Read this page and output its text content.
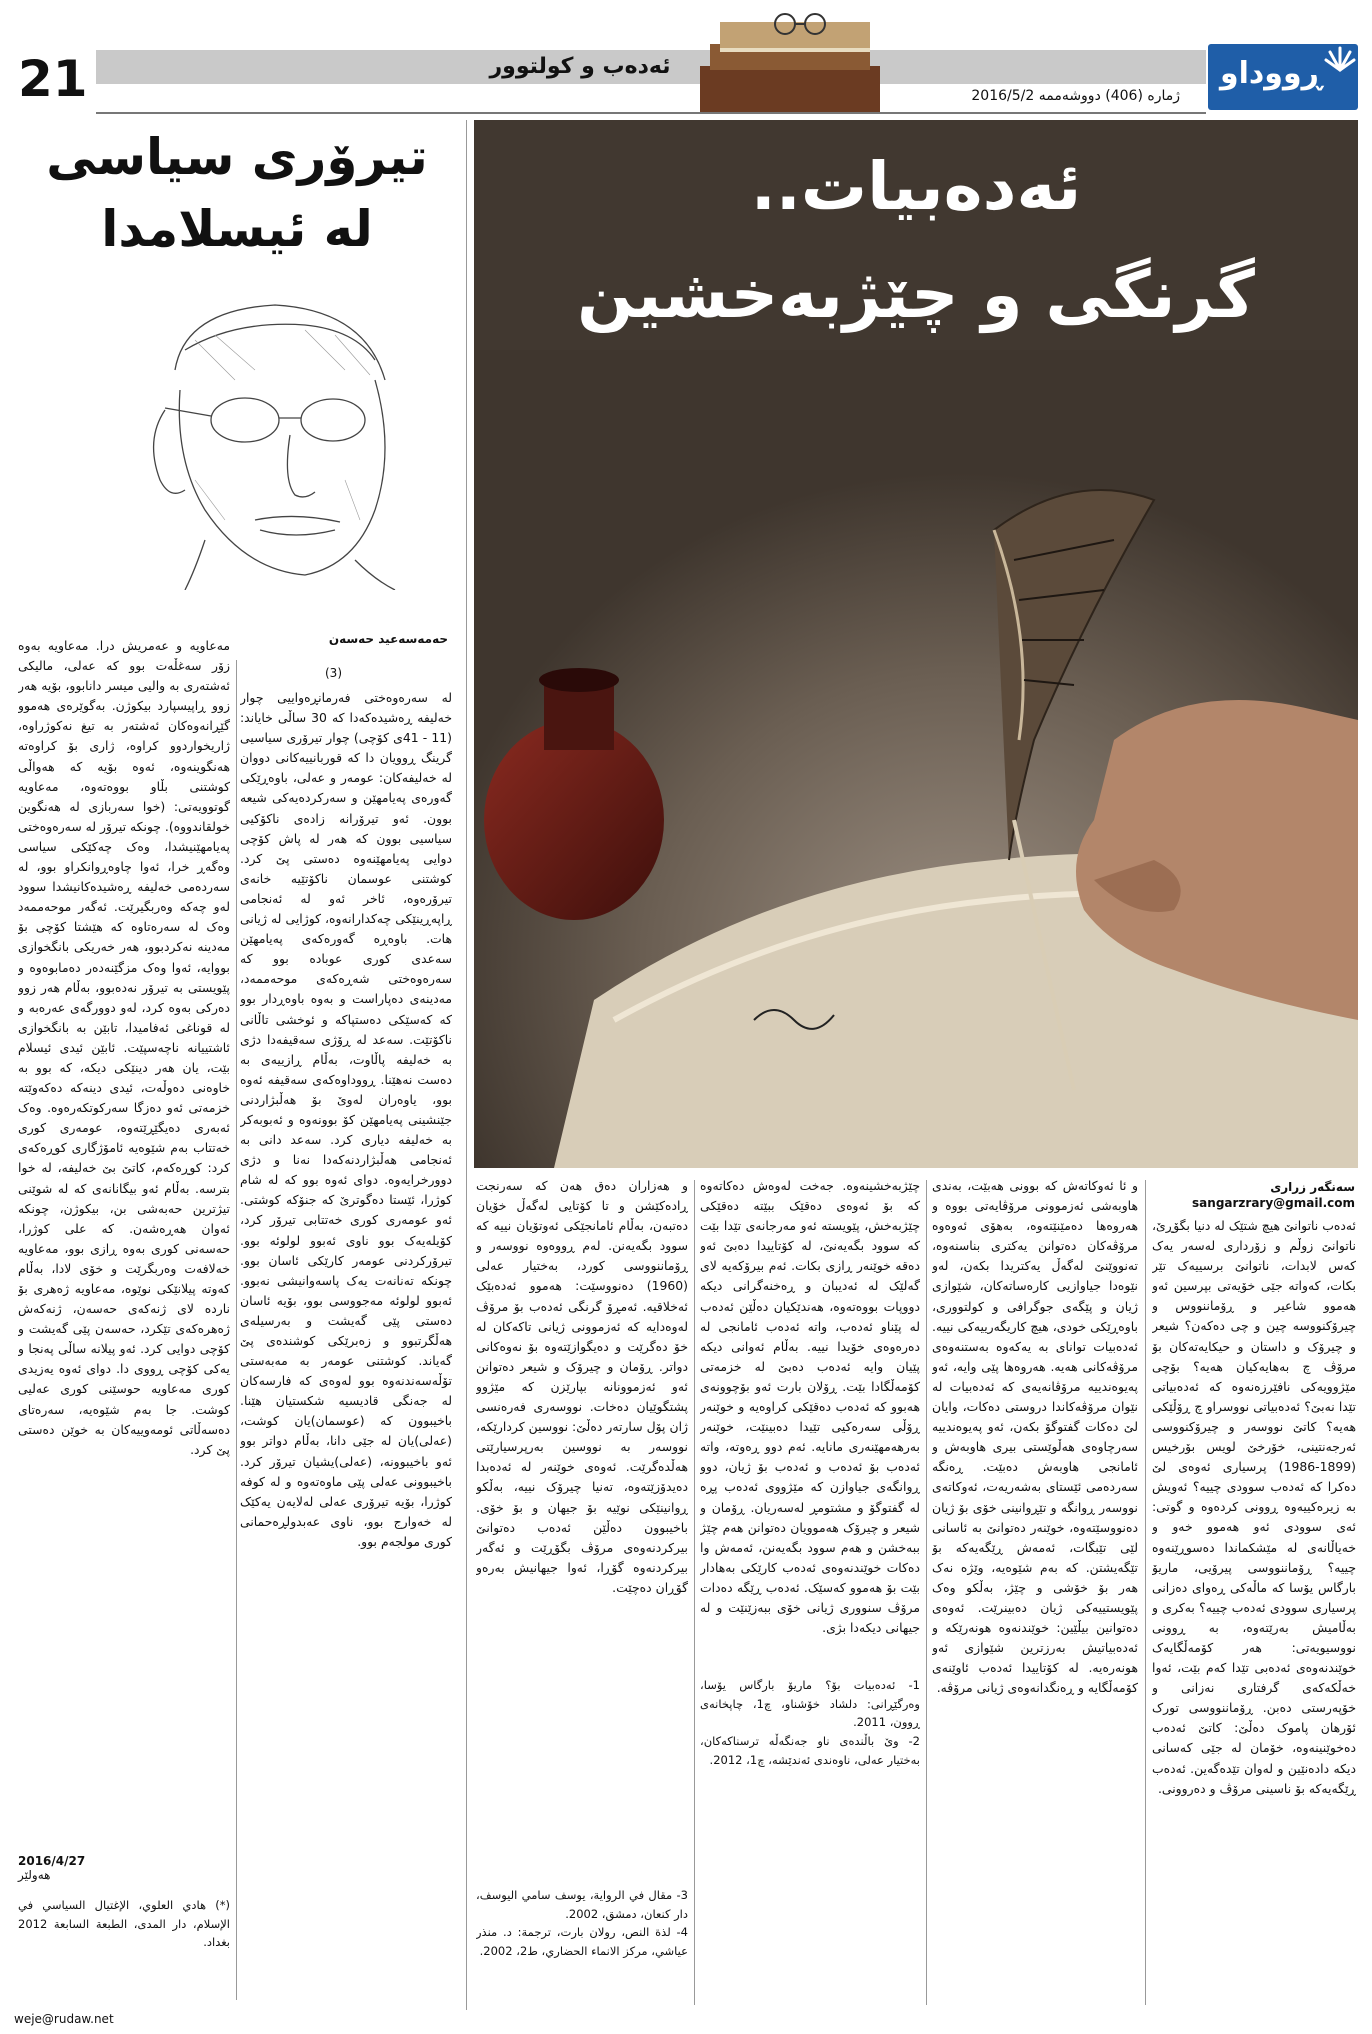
21	ئەدەب و کولتوور
ژمارە (406) دووشەممە 2016/5/2
ڕووداو
تیرۆری سیاسی
لە ئیسلامدا
حەمەسەعید حەسەن
(3)
لە سەرەوەختی فەرمانڕەواییی چوار خەلیفە ڕەشیدەکەدا کە 30 ساڵی خایاند: (11 - 41ی کۆچی) چوار تیرۆری سیاسیی گرینگ ڕوویان دا کە قوربانییەکانی دووان لە خەلیفەکان: عومەر و عەلی، باوەڕێکی گەورەی پەیامهێن و سەرکردەیەکی شیعە بوون. ئەو تیرۆرانە زادەی ناکۆکیی سیاسیی بوون کە هەر لە پاش کۆچی دوایی پەیامهێنەوە دەستی پێ کرد. کوشتنی عوسمان ناکۆتێیە خانەی تیرۆرەوە، ئاخر ئەو لە ئەنجامی ڕاپەڕینێکی چەکدارانەوە، کوژایی لە ژیانی هات. باوەڕە گەورەکەی پەیامهێن سەعدی کوری عوبادە بوو کە سەرەوەختی شەڕەکەی موحەممەد، مەدینەی دەپاراست و بەوە باوەڕدار بوو کە کەسێکی دەستپاکە و ئوخشی تاڵانی ناکۆتێت. سەعد لە ڕۆژی سەقیفەدا دژی بە خەلیفە پاڵاوت، بەڵام ڕازییەی بە دەست نەهێنا. ڕووداوەکەی سەقیفە ئەوە بوو، یاوەران لەوێ بۆ هەڵبژاردنی جێنشینی پەیامهێن کۆ بوونەوە و ئەبوبەکر بە خەلیفە دیاری کرد. سەعد دانی بە ئەنجامی هەڵبژاردنەکەدا نەنا و دژی دوورخرایەوە. دوای ئەوە بوو کە لە شام کوژرا، ئێستا دەگوترێ کە جنۆکە کوشتی. ئەو عومەری کوری خەتتابی تیرۆر کرد، کۆیلەیەک بوو ناوی ئەبوو لولوئە بوو. تیرۆرکردنی عومەر کارێکی ئاسان بوو. چونکە تەنانەت یەک پاسەوانیشی نەبوو. ئەبوو لولوئە مەجووسی بوو، بۆیە ئاسان دەستی پێی گەیشت و بەرسیلەی هەڵگرتبوو و زەبرێکی کوشندەی پێ گەیاند. کوشتنی عومەر بە مەبەستی تۆڵەسەندنەوە بوو لەوەی کە فارسەکان لە جەنگی قادیسیە شکستیان هێنا. باخیبوون کە (عوسمان)یان کوشت، (عەلی)یان لە جێی دانا، بەڵام دواتر بوو ئەو باخیبوونە، (عەلی)یشیان تیرۆر کرد. باخیبوونی عەلی پێی ماوەتەوە و لە کوفە کوژرا، بۆیە تیرۆری عەلی لەلایەن یەکێک لە خەوارج بوو، ناوی عەبدولڕەحمانی کوری مولجەم بوو.
مەعاویە و عەمریش درا. مەعاویە بەوە زۆر سەغڵەت بوو کە عەلی، مالیکی ئەشتەری بە والیی میسر دانابوو، بۆیە هەر زوو ڕاپیسپارد بیکوژن. بەگوێرەی هەموو گێڕانەوەکان ئەشتەر بە تیغ نەکوژراوە، ژاریخواردوو کراوە، ژاری بۆ کراوەتە هەنگوینەوە، ئەوە بۆیە کە هەواڵی کوشتنی بڵاو بووەتەوە، مەعاویە گوتوویەتی: (خوا سەربازی لە هەنگوین خولقاندووە). چونکە تیرۆر لە سەرەوەختی پەیامهێنیشدا، وەک چەکێکی سیاسی وەگەڕ خرا، ئەوا چاوەڕوانکراو بوو، لە سەردەمی خەلیفە ڕەشیدەکانیشدا سوود لەو چەکە وەربگیرێت. ئەگەر موحەممەد وەک لە سەرەتاوە کە هێشتا کۆچی بۆ مەدینە نەکردبوو، هەر خەریکی بانگخوازی بووایە، ئەوا وەک مزگێنەدەر دەمابوەوە و پێویستی بە تیرۆر نەدەبوو، بەڵام هەر زوو دەرکی بەوە کرد، لەو دوورگەی عەرەبە و لە قوناغی ئەفامیدا، تابێن بە بانگخوازی ئاشتییانە ناچەسپێت. ئابێن ئیدی ئیسلام بێت، یان هەر دینێکی دیکە، کە بوو بە خاوەنی دەوڵەت، ئیدی دینەکە دەکەوێتە خزمەتی ئەو دەزگا سەرکوتکەرەوە. وەک ئەبەری دەیگێڕێتەوە، عومەری کوری خەتتاب بەم شێوەیە ئامۆژگاری کوڕەکەی کرد: کوڕەکەم، کاتێ بێ خەلیفە، لە خوا بترسە. بەڵام ئەو بیگانانەی کە لە شوێنی تیژترین حەبەشی بن، بیکوژن، چونکە ئەوان هەڕەشەن. کە علی کوژرا، حەسەنی کوری بەوە ڕازی بوو، مەعاویە خەلافەت وەربگرێت و خۆی لادا، بەڵام کەوتە پیلانێکی نوێوە، مەعاویە ژەهری بۆ ناردە لای ژنەکەی حەسەن، ژنەکەش ژەهرەکەی تێکرد، حەسەن پێی گەیشت و کۆچی دوایی کرد. ئەو پیلانە ساڵی پەنجا و یەکی کۆچی ڕووی دا. دوای ئەوە یەزیدی کوری مەعاویە حوسێنی کوری عەلیی کوشت. جا بەم شێوەیە، سەرەتای دەسەڵاتی ئومەوییەکان بە خوێن دەستی پێ کرد.
2016/4/27
هەولێر
(*) هادي العلوي، الإغتيال السياسي في الإسلام، دار المدى، الطبعة السابعة 2012 بغداد.
ئەدەبیات..
گرنگی و چێژبەخشین
سەنگەر زراری
sangarzrary@gmail.com
ئەدەب ناتوانێ هیچ شتێک لە دنیا بگۆڕێ، ناتوانێ زوڵم و زۆرداری لەسەر یەک کەس لابدات، ناتوانێ برسییەک تێر بکات، کەواتە جێی خۆیەتی بپرسین ئەو هەموو شاعیر و ڕۆماننووس و چیرۆکنووسە چین و چی دەکەن؟ شیعر و چیرۆک و داستان و حیکایەتەکان بۆ مرۆڤ چ بەهایەکیان هەیە؟ بۆچی مێژوویەکی نافێرزەنەوە کە ئەدەبیاتی تێدا نەبێ؟ ئەدەبیاتی نووسراو چ ڕۆڵێکی هەیە؟ کاتێ نووسەر و چیرۆکنووسی ئەرجەنتینی، خۆرخێ لویس بۆرخیس (1899-1986) پرسیاری ئەوەی لێ دەکرا کە ئەدەب سوودی چییە؟ ئەویش بە زیرەکییەوە ڕوونی کردەوە و گوتی: ئەی سوودی ئەو هەموو خەو و خەیاڵانەی لە مێشکماندا دەسوڕێنەوە چییە؟ ڕۆماننووسی پیرۆیی، ماریۆ بارگاس یۆسا کە ماڵەکی ڕەوای دەزانی پرسیاری سوودی ئەدەب چییە؟ بەکری و بەڵامیش بەرێتەوە، بە ڕوونی نووسیویەتی: هەر کۆمەڵگایەک خوێندنەوەی ئەدەبی تێدا کەم بێت، ئەوا خەڵکەکەی گرفتاری نەزانی و خۆپەرستی دەبن. ڕۆماننووسی تورک ئۆرهان پاموک دەڵێ: کاتێ ئەدەب دەخوێنینەوە، خۆمان لە جێی کەسانی دیکە دادەنێین و لەوان تێدەگەین. ئەدەب ڕێگەیەکە بۆ ناسینی مرۆڤ و دەروونی.
و ئا ئەوکاتەش کە بوونی هەبێت، بەندی هاوبەشی ئەزموونی مرۆڤایەتی بووە و هەروەها دەمێنێتەوە، بەهۆی ئەوەوە مرۆڤەکان دەتوانن یەکتری بناسنەوە، تەنووێنێ لەگەڵ یەکتریدا بکەن، لەو نێوەدا جیاوازیی کارەساتەکان، شێوازی ژیان و پێگەی جوگرافی و کولتووری، باوەڕێکی خودی، هیچ کاریگەرییەکی نییە. ئەدەبیات توانای بە یەکەوە بەستنەوەی مرۆڤەکانی هەیە. هەروەها پێی وایە، ئەو پەیوەندییە مرۆڤانەیەی کە ئەدەبیات لە نێوان مرۆڤەکاندا دروستی دەکات، وایان لێ دەکات گفتوگۆ بکەن، ئەو پەیوەندییە سەرچاوەی هەڵوێستی بیری هاوبەش و ئامانجی هاوبەش دەبێت. ڕەنگە سەردەمی ئێستای بەشەریەت، ئەوکاتەی نووسەر ڕوانگە و تێڕوانینی خۆی بۆ ژیان دەنووسێتەوە، خوێنەر دەتوانێ بە ئاسانی لێی تێبگات، ئەمەش ڕێگەیەکە بۆ تێگەیشتن. کە بەم شێوەیە، وێژە نەک هەر بۆ خۆشی و چێژ، بەڵکو وەک پێویستییەکی ژیان دەبینرێت. ئەوەی دەتوانین بیڵێین: خوێندنەوە هونەرێکە و ئەدەبیاتیش بەرزترین شێوازی ئەو هونەرەیە. لە کۆتاییدا ئەدەب ئاوێنەی کۆمەڵگایە و ڕەنگدانەوەی ژیانی مرۆڤە.
چێژبەخشینەوە. جەخت لەوەش دەکاتەوە کە بۆ ئەوەی دەقێک ببێتە دەقێکی چێژبەخش، پێویستە ئەو مەرجانەی تێدا بێت کە سوود بگەیەنێ، لە کۆتاییدا دەبێ ئەو دەقە خوێنەر ڕازی بکات. ئەم بیرۆکەیە لای گەلێک لە ئەدیبان و ڕەخنەگرانی دیکە دووپات بووەتەوە، هەندێکیان دەڵێن ئەدەب لە پێناو ئەدەب، واتە ئەدەب ئامانجی لە دەرەوەی خۆیدا نییە. بەڵام ئەوانی دیکە پێیان وایە ئەدەب دەبێ لە خزمەتی کۆمەڵگادا بێت. ڕۆلان بارت ئەو بۆچوونەی هەبوو کە ئەدەب دەقێکی کراوەیە و خوێنەر ڕۆڵی سەرەکیی تێیدا دەبینێت، خوێنەر بەرهەمهێنەری مانایە. ئەم دوو ڕەوتە، واتە ئەدەب بۆ ئەدەب و ئەدەب بۆ ژیان، دوو ڕوانگەی جیاوازن کە مێژووی ئەدەب پڕە لە گفتوگۆ و مشتومڕ لەسەریان. ڕۆمان و شیعر و چیرۆک هەموویان دەتوانن هەم چێژ ببەخشن و هەم سوود بگەیەنن، ئەمەش وا دەکات خوێندنەوەی ئەدەب کارێکی بەهادار بێت بۆ هەموو کەسێک. ئەدەب ڕێگە دەدات مرۆڤ سنووری ژیانی خۆی ببەزێنێت و لە جیهانی دیکەدا بژی.
1- ئەدەبیات بۆ؟ ماریۆ بارگاس یۆسا، وەرگێڕانی: دلشاد خۆشناو، چ1، چاپخانەی ڕوون، 2011.
2- وێ باڵندەی ناو جەنگەڵە ترسناکەکان، بەختیار عەلی، ناوەندی ئەندێشە، چ1، 2012.
و هەزاران دەق هەن کە سەرنجت ڕادەکێشن و تا کۆتایی لەگەڵ خۆیان دەتبەن، بەڵام ئامانجێکی ئەوتۆیان نییە کە سوود بگەیەنن. لەم ڕووەوە نووسەر و ڕۆماننووسی کورد، بەختیار عەلی (1960) دەنووسێت: هەموو ئەدەبێک ئەخلاقیە. ئەمڕۆ گرنگی ئەدەب بۆ مرۆڤ لەوەدایە کە ئەزموونی ژیانی تاکەکان لە خۆ دەگرێت و دەیگوازێتەوە بۆ نەوەکانی دواتر. ڕۆمان و چیرۆک و شیعر دەتوانن ئەو ئەزموونانە بپارێزن کە مێژوو پشتگوێیان دەخات. نووسەری فەرەنسی ژان پۆل سارتەر دەڵێ: نووسین کردارێکە، نووسەر بە نووسین بەرپرسیارێتی هەڵدەگرێت. ئەوەی خوێنەر لە ئەدەبدا دەیدۆزێتەوە، تەنیا چیرۆک نییە، بەڵکو ڕوانینێکی نوێیە بۆ جیهان و بۆ خۆی. باخیبوون دەڵێن ئەدەب دەتوانێ بیرکردنەوەی مرۆڤ بگۆڕێت و ئەگەر بیرکردنەوە گۆڕا، ئەوا جیهانیش بەرەو گۆڕان دەچێت.
3- مقال في الرواية، يوسف سامي اليوسف، دار كنعان، دمشق، 2002.
4- لذة النص، رولان بارت، ترجمة: د. منذر عياشي، مركز الانماء الحضاري، ط2، 2002.
weje@rudaw.net
